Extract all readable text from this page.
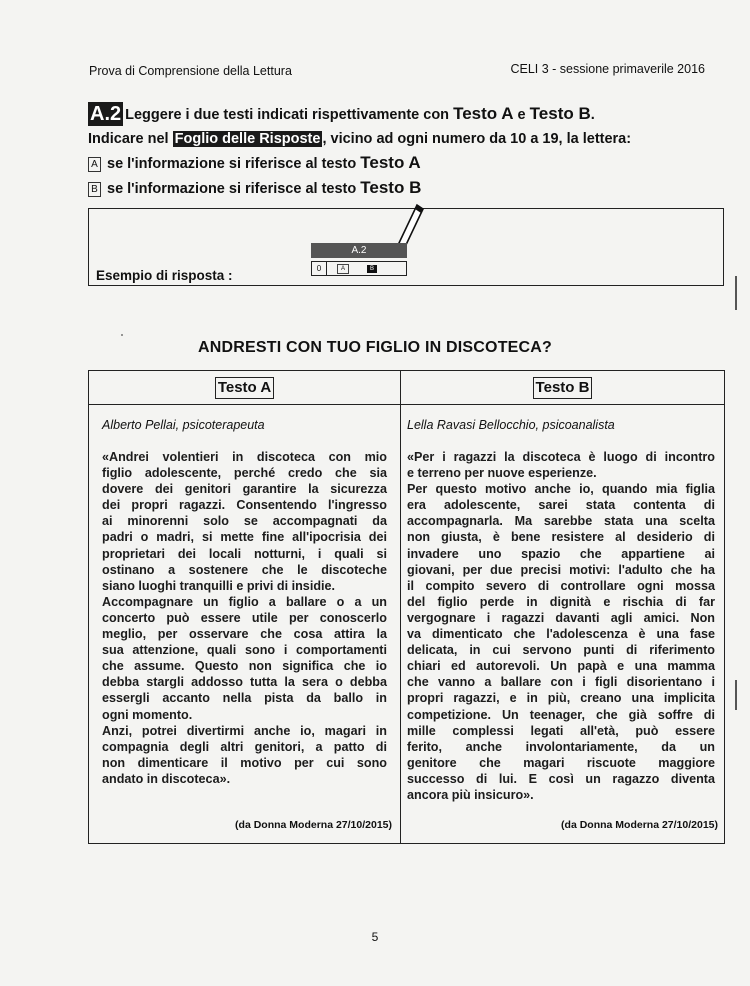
Prova di Comprensione della Lettura	CELI 3 - sessione primaverile 2016
A.2 Leggere i due testi indicati rispettivamente con Testo A e Testo B.
Indicare nel Foglio delle Risposte , vicino ad ogni numero da 10 a 19, la lettera:
A se l'informazione si riferisce al testo Testo A
B se l'informazione si riferisce al testo Testo B
Esempio di risposta :
A.2
0	A	B
ANDRESTI CON TUO FIGLIO IN DISCOTECA?
Testo A
Alberto Pellai, psicoterapeuta
«Andrei volentieri in discoteca con mio
figlio adolescente, perché credo che sia
dovere dei genitori garantire la sicurezza
dei propri ragazzi. Consentendo l'ingresso
ai minorenni solo se accompagnati da
padri o madri, si mette fine all'ipocrisia dei
proprietari dei locali notturni, i quali si
ostinano a sostenere che le discoteche
siano luoghi tranquilli e privi di insidie.
Accompagnare un figlio a ballare o a un
concerto può essere utile per conoscerlo
meglio, per osservare che cosa attira la
sua attenzione, quali sono i comportamenti
che assume. Questo non significa che io
debba stargli addosso tutta la sera o debba
essergli accanto nella pista da ballo in
ogni momento.
Anzi, potrei divertirmi anche io, magari in
compagnia degli altri genitori, a patto di
non dimenticare il motivo per cui sono
andato in discoteca».
(da Donna Moderna 27/10/2015)
Testo B
Lella Ravasi Bellocchio, psicoanalista
«Per i ragazzi la discoteca è luogo di incontro
e terreno per nuove esperienze.
Per questo motivo anche io, quando mia figlia
era adolescente, sarei stata contenta di
accompagnarla. Ma sarebbe stata una scelta
non giusta, è bene resistere al desiderio di
invadere uno spazio che appartiene ai
giovani, per due precisi motivi: l'adulto che ha
il compito severo di controllare ogni mossa
del figlio perde in dignità e rischia di far
vergognare i ragazzi davanti agli amici. Non
va dimenticato che l'adolescenza è una fase
delicata, in cui servono punti di riferimento
chiari ed autorevoli. Un papà e una mamma
che vanno a ballare con i figli disorientano i
propri ragazzi, e in più, creano una implicita
competizione. Un teenager, che già soffre di
mille complessi legati all'età, può essere
ferito, anche involontariamente, da un
genitore che magari riscuote maggiore
successo di lui. E così un ragazzo diventa
ancora più insicuro».
(da Donna Moderna 27/10/2015)
5
